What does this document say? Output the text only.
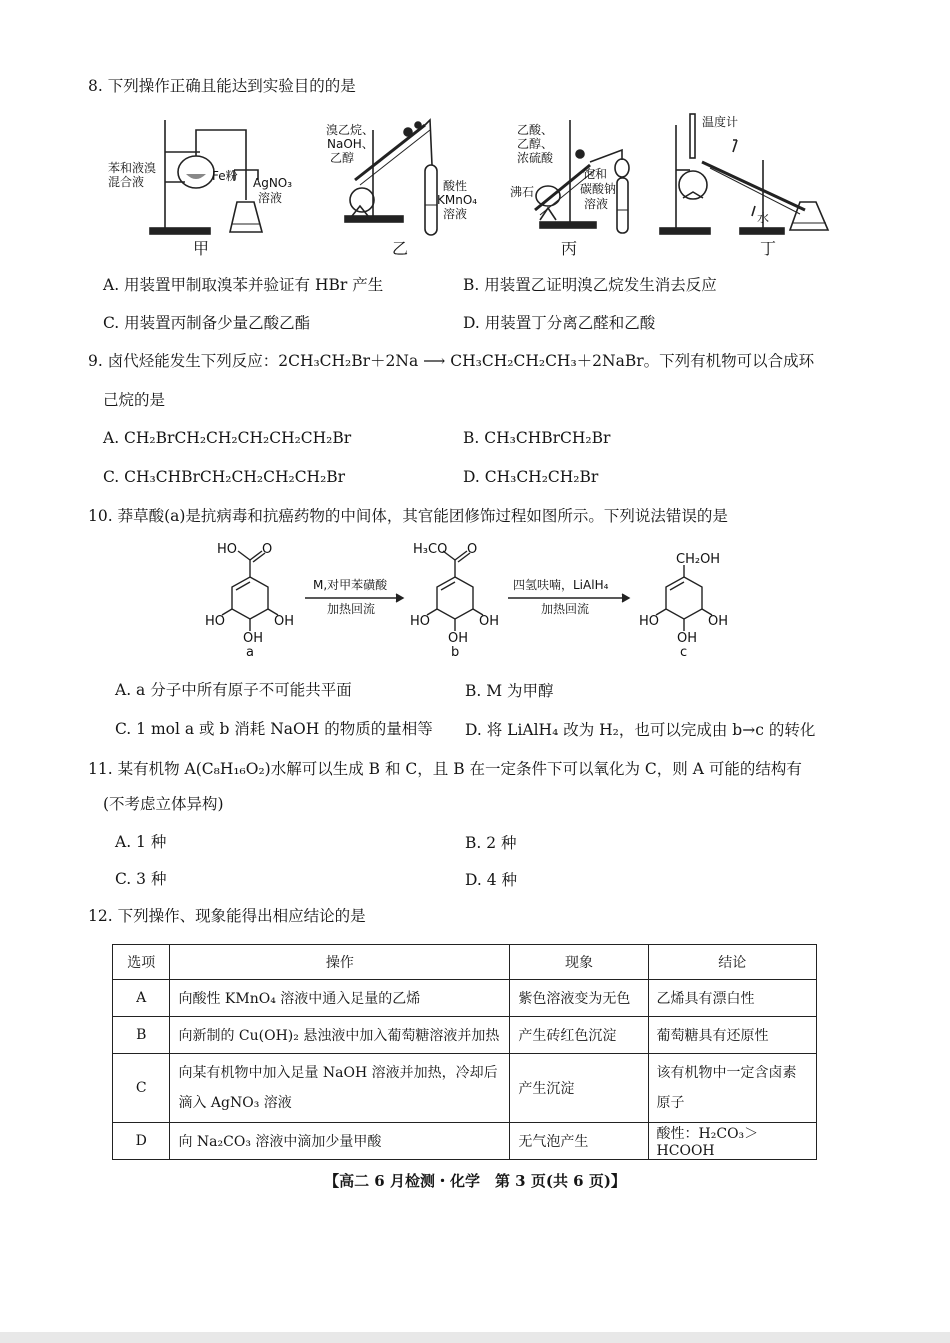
8. 下列操作正确且能达到实验目的的是
苯和液溴
混合液	Fe粉 AgNO₃
溶液
溴乙烷、
NaOH、
乙醇
酸性
KMnO₄
溶液
乙酸、
乙醇、
浓硫酸
沸石
饱和
碳酸钠
溶液
温度计
水
甲	乙	丙	丁
A. 用装置甲制取溴苯并验证有 HBr 产生	B. 用装置乙证明溴乙烷发生消去反应
C. 用装置丙制备少量乙酸乙酯	D. 用装置丁分离乙醛和乙酸
9. 卤代烃能发生下列反应：2CH₃CH₂Br＋2Na ⟶ CH₃CH₂CH₂CH₃＋2NaBr。下列有机物可以合成环
己烷的是
A. CH₂BrCH₂CH₂CH₂CH₂CH₂Br	B. CH₃CHBrCH₂Br
C. CH₃CHBrCH₂CH₂CH₂CH₂Br	D. CH₃CH₂CH₂Br
10. 莽草酸(a)是抗病毒和抗癌药物的中间体，其官能团修饰过程如图所示。下列说法错误的是
HO O
HO	OH
OH
a
M,对甲苯磺酸
加热回流
H₃CO O
HO	OH
OH
b
四氢呋喃，LiAlH₄
加热回流
CH₂OH
HO	OH
OH
c
A. a 分子中所有原子不可能共平面	B. M 为甲醇
C. 1 mol a 或 b 消耗 NaOH 的物质的量相等 D. 将 LiAlH₄ 改为 H₂，也可以完成由 b→c 的转化
11. 某有机物 A(C₈H₁₆O₂)水解可以生成 B 和 C，且 B 在一定条件下可以氧化为 C，则 A 可能的结构有
(不考虑立体异构)
A. 1 种	B. 2 种
C. 3 种	D. 4 种
12. 下列操作、现象能得出相应结论的是
选项	操作	现象	结论
A	向酸性 KMnO₄ 溶液中通入足量的乙烯	紫色溶液变为无色	乙烯具有漂白性
B	向新制的 Cu(OH)₂ 悬浊液中加入葡萄糖溶液并加热	产生砖红色沉淀	葡萄糖具有还原性
C	向某有机物中加入足量 NaOH 溶液并加热，冷却后滴入 AgNO₃ 溶液	产生沉淀	该有机物中一定含卤素原子
D	向 Na₂CO₃ 溶液中滴加少量甲酸	无气泡产生	酸性：H₂CO₃＞HCOOH
【高二 6 月检测・化学　第 3 页(共 6 页)】
